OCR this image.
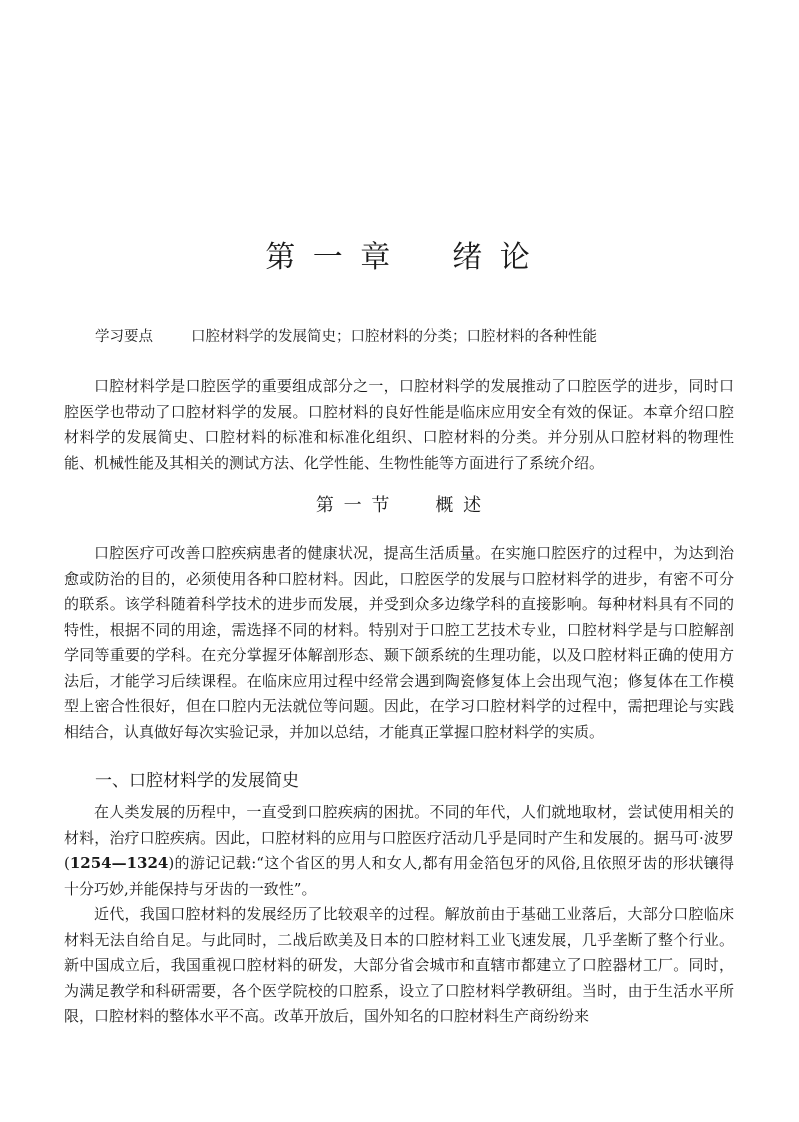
第 一 章 绪 论
学习要点	口腔材料学的发展简史；口腔材料的分类；口腔材料的各种性能

口腔材料学是口腔医学的重要组成部分之一，口腔材料学的发展推动了口腔医学的进步，同时口腔医学也带动了口腔材料学的发展。口腔材料的良好性能是临床应用安全有效的保证。本章介绍口腔材料学的发展简史、口腔材料的标准和标准化组织、口腔材料的分类。并分别从口腔材料的物理性能、机械性能及其相关的测试方法、化学性能、生物性能等方面进行了系统介绍。

第 一 节 概 述

口腔医疗可改善口腔疾病患者的健康状况，提高生活质量。在实施口腔医疗的过程中，为达到治愈或防治的目的，必须使用各种口腔材料。因此，口腔医学的发展与口腔材料学的进步，有密不可分的联系。该学科随着科学技术的进步而发展，并受到众多边缘学科的直接影响。每种材料具有不同的特性，根据不同的用途，需选择不同的材料。特别对于口腔工艺技术专业，口腔材料学是与口腔解剖学同等重要的学科。在充分掌握牙体解剖形态、颞下颌系统的生理功能，以及口腔材料正确的使用方法后，才能学习后续课程。在临床应用过程中经常会遇到陶瓷修复体上会出现气泡；修复体在工作模型上密合性很好，但在口腔内无法就位等问题。因此，在学习口腔材料学的过程中，需把理论与实践相结合，认真做好每次实验记录，并加以总结，才能真正掌握口腔材料学的实质。

一、口腔材料学的发展简史

在人类发展的历程中，一直受到口腔疾病的困扰。不同的年代，人们就地取材，尝试使用相关的材料，治疗口腔疾病。因此，口腔材料的应用与口腔医疗活动几乎是同时产生和发展的。据马可·波罗(1254—1324)的游记记载:“这个省区的男人和女人,都有用金箔包牙的风俗,且依照牙齿的形状镶得十分巧妙,并能保持与牙齿的一致性”。

近代，我国口腔材料的发展经历了比较艰辛的过程。解放前由于基础工业落后，大部分口腔临床材料无法自给自足。与此同时，二战后欧美及日本的口腔材料工业飞速发展，几乎垄断了整个行业。新中国成立后，我国重视口腔材料的研发，大部分省会城市和直辖市都建立了口腔器材工厂。同时，为满足教学和科研需要，各个医学院校的口腔系，设立了口腔材料学教研组。当时，由于生活水平所限，口腔材料的整体水平不高。改革开放后，国外知名的口腔材料生产商纷纷来
